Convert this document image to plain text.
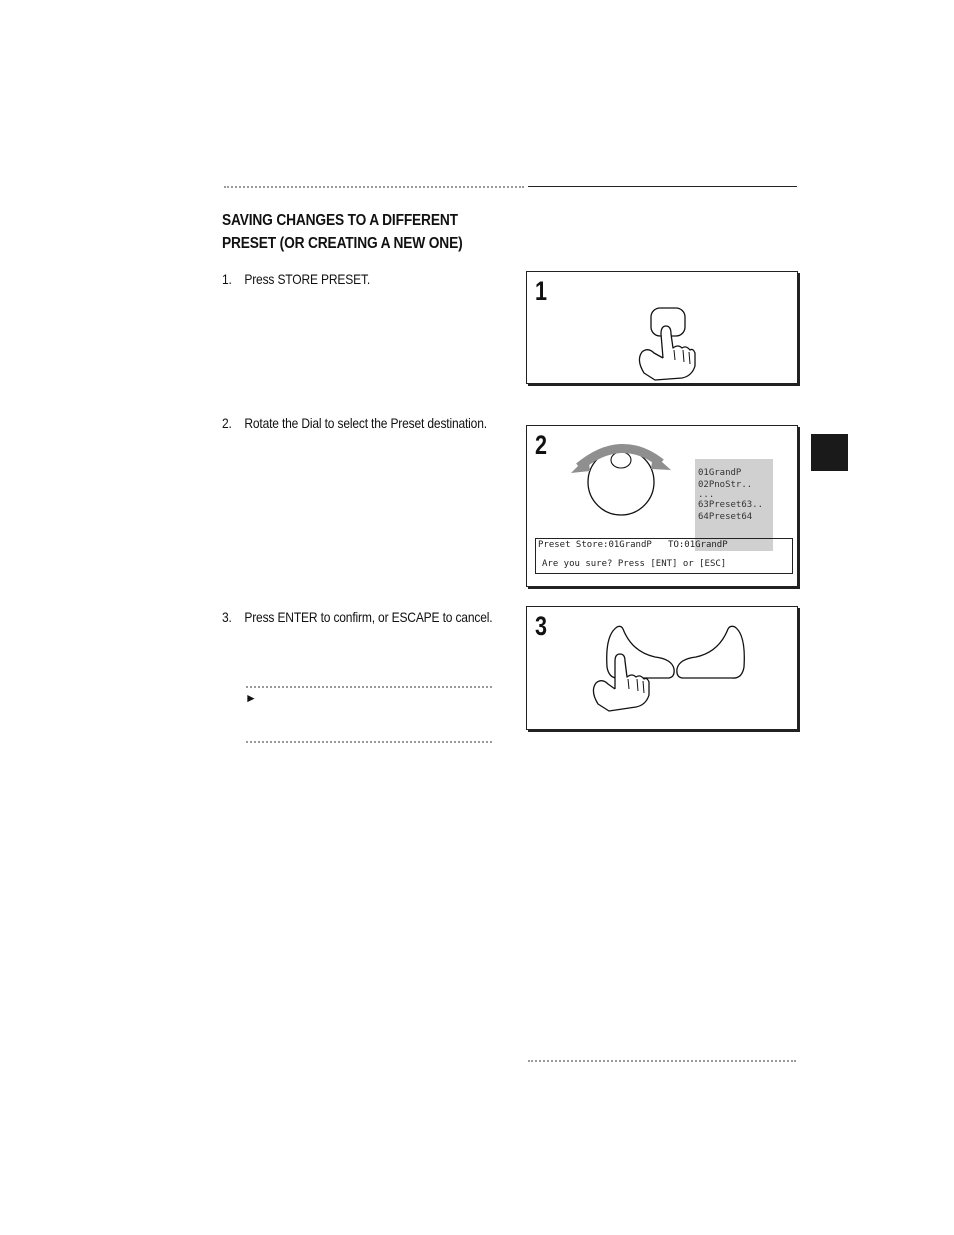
SAVING CHANGES TO A DIFFERENT
PRESET (OR CREATING A NEW ONE)
1. Press STORE PRESET.
2. Rotate the Dial to select the Preset destination.
3. Press ENTER to confirm, or ESCAPE to cancel.
1
2
01GrandP
02PnoStr..
...
63Preset63..
64Preset64
Preset Store:01GrandP   TO:01GrandP
Are you sure? Press [ENT] or [ESC]
3
►
